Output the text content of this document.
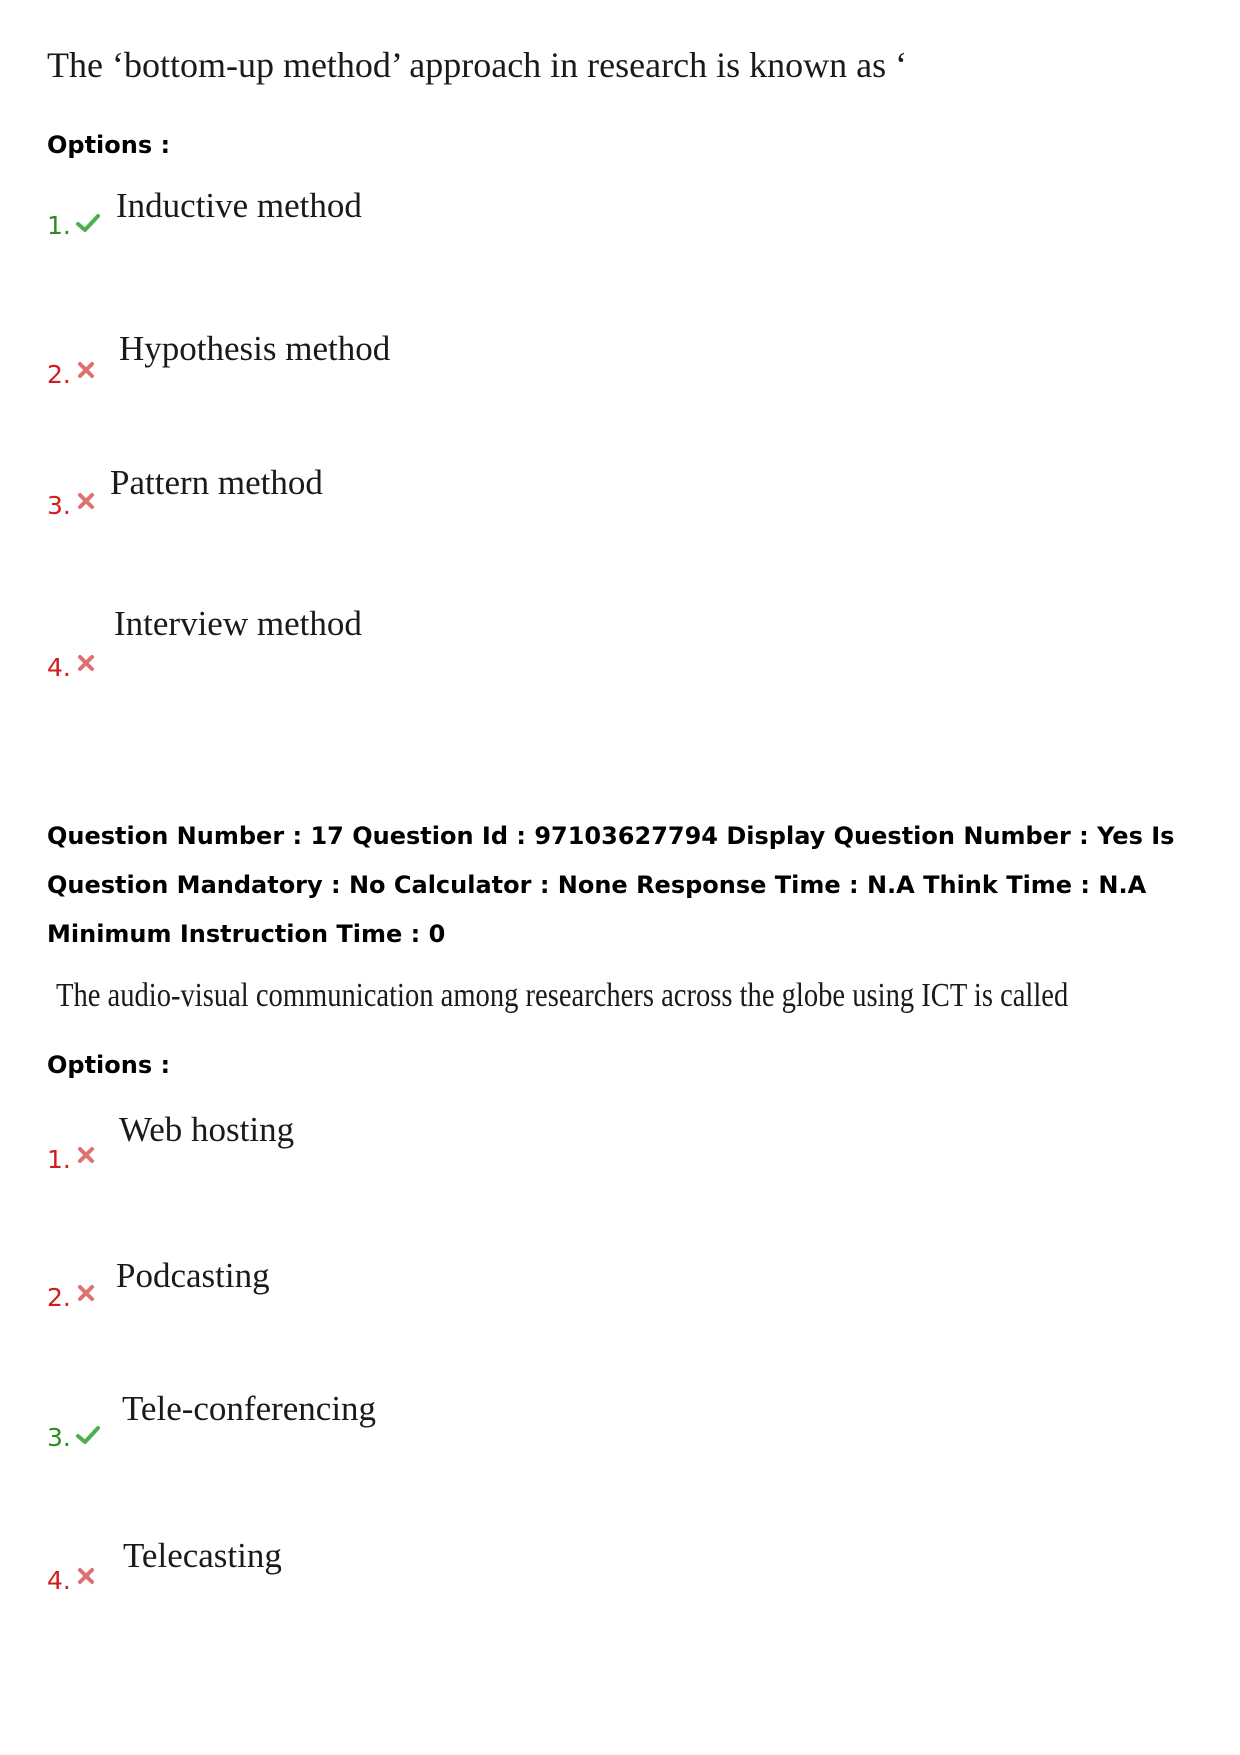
The ‘bottom-up method’ approach in research is known as ‘
Options :
1.
Inductive method
2.
Hypothesis method
3.
Pattern method
4.
Interview method
Question Number : 17 Question Id : 97103627794 Display Question Number : Yes Is Question Mandatory : No Calculator : None Response Time : N.A Think Time : N.A Minimum Instruction Time : 0
The audio-visual communication among researchers across the globe using ICT is called
Options :
1.
Web hosting
2.
Podcasting
3.
Tele-conferencing
4.
Telecasting
